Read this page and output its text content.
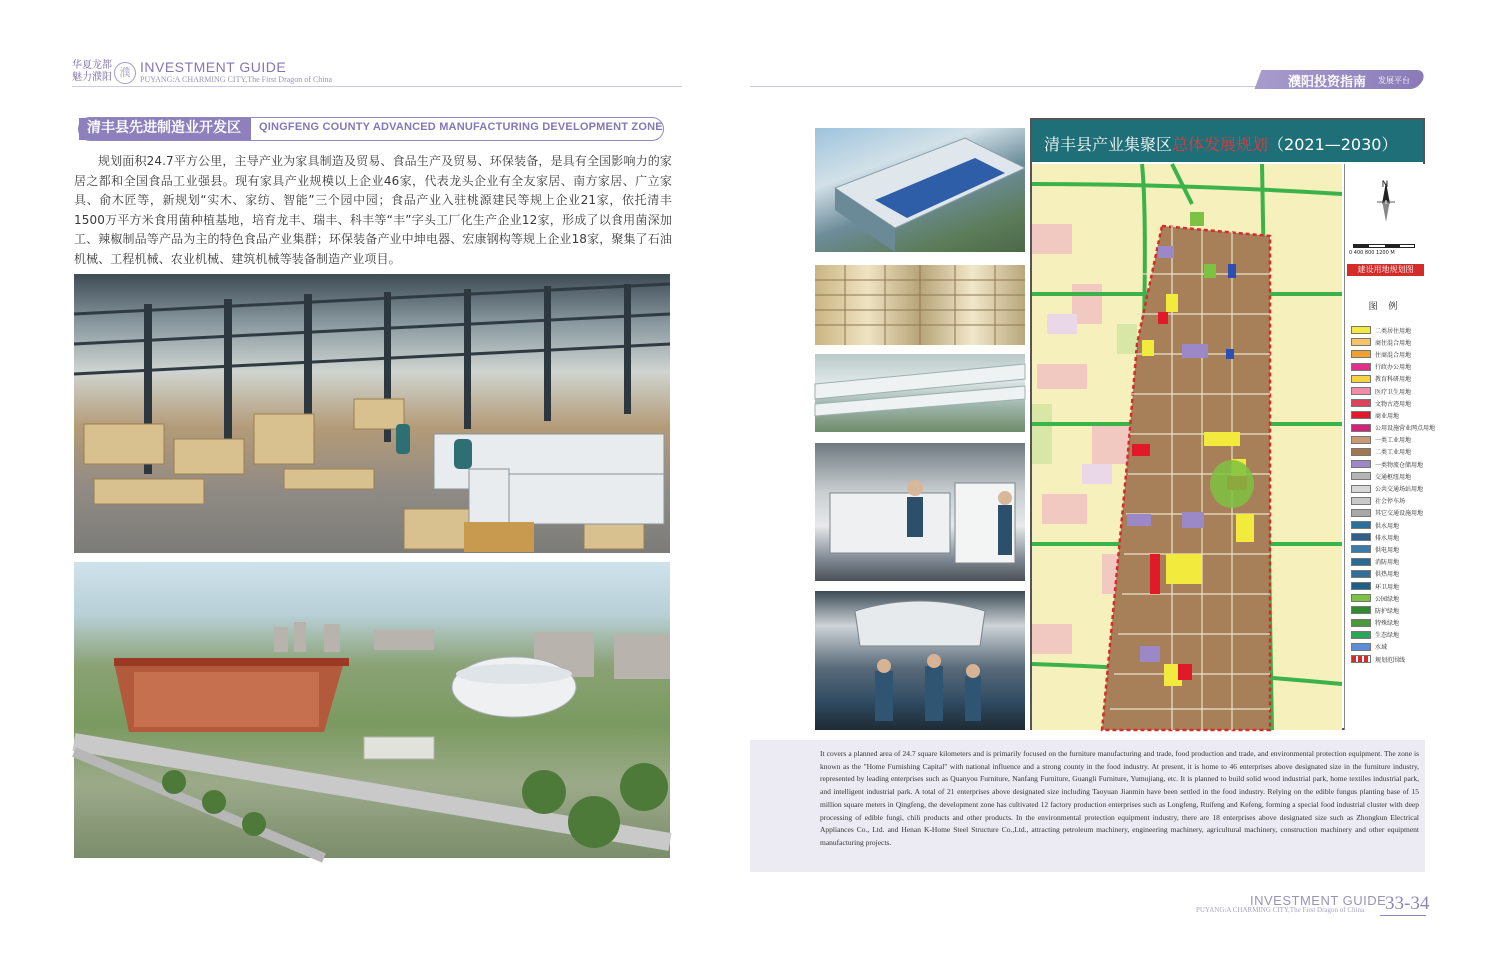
华夏龙都
魅力濮阳 濮 INVESTMENT GUIDE
PUYANG:A CHARMING CITY,The First Dragon of China	濮阳投资指南 发展平台
清丰县先进制造业开发区	QINGFENG COUNTY ADVANCED MANUFACTURING DEVELOPMENT ZONE
规划面积24.7平方公里，主导产业为家具制造及贸易、食品生产及贸易、环保装备，是具有全国影响力的家居之都和全国食品工业强县。现有家具产业规模以上企业46家，代表龙头企业有全友家居、南方家居、广立家具、俞木匠等，新规划“实木、家纺、智能”三个园中园；食品产业入驻桃源建民等规上企业21家，依托清丰1500万平方米食用菌种植基地，培育龙丰、瑞丰、科丰等“丰”字头工厂化生产企业12家，形成了以食用菌深加工、辣椒制品等产品为主的特色食品产业集群；环保装备产业中坤电器、宏康钢构等规上企业18家，聚集了石油机械、工程机械、农业机械、建筑机械等装备制造产业项目。
清丰县产业集聚区总体发展规划（2021—2030）
N
0 400 800 1200 M
建设用地规划图
图 例
二类居住用地
商住混合用地
住商混合用地
行政办公用地
教育科研用地
医疗卫生用地
文物古迹用地
商业用地
公用设施营业网点用地
一类工业用地
二类工业用地
一类物流仓储用地
交通枢纽用地
公共交通场站用地
社会停车场
其它交通设施用地
供水用地
排水用地
供电用地
消防用地
供热用地
环卫用地
公园绿地
防护绿地
特殊绿地
生态绿地
水域
规划范围线
It covers a planned area of 24.7 square kilometers and is primarily focused on the furniture manufacturing and trade, food production and trade, and environmental protection equipment. The zone is known as the "Home Furnishing Capital" with national influence and a strong county in the food industry. At present, it is home to 46 enterprises above designated size in the furniture industry, represented by leading enterprises such as Quanyou Furniture, Nanfang Furniture, Guangli Furniture, Yumujiang, etc. It is planned to build solid wood industrial park, home textiles industrial park, and intelligent industrial park. A total of 21 enterprises above designated size including Taoyuan Jianmin have been settled in the food industry. Relying on the edible fungus planting base of 15 million square meters in Qingfeng, the development zone has cultivated 12 factory production enterprises such as Longfeng, Ruifeng and Kefeng, forming a special food industrial cluster with deep processing of edible fungi, chili products and other products. In the environmental protection equipment industry, there are 18 enterprises above designated size such as Zhongkun Electrical Appliances Co., Ltd. and Henan K-Home Steel Structure Co.,Ltd., attracting petroleum machinery, engineering machinery, agricultural machinery, construction machinery and other equipment manufacturing projects.
INVESTMENT GUIDE
PUYANG:A CHARMING CITY,The First Dragon of China 33-34
